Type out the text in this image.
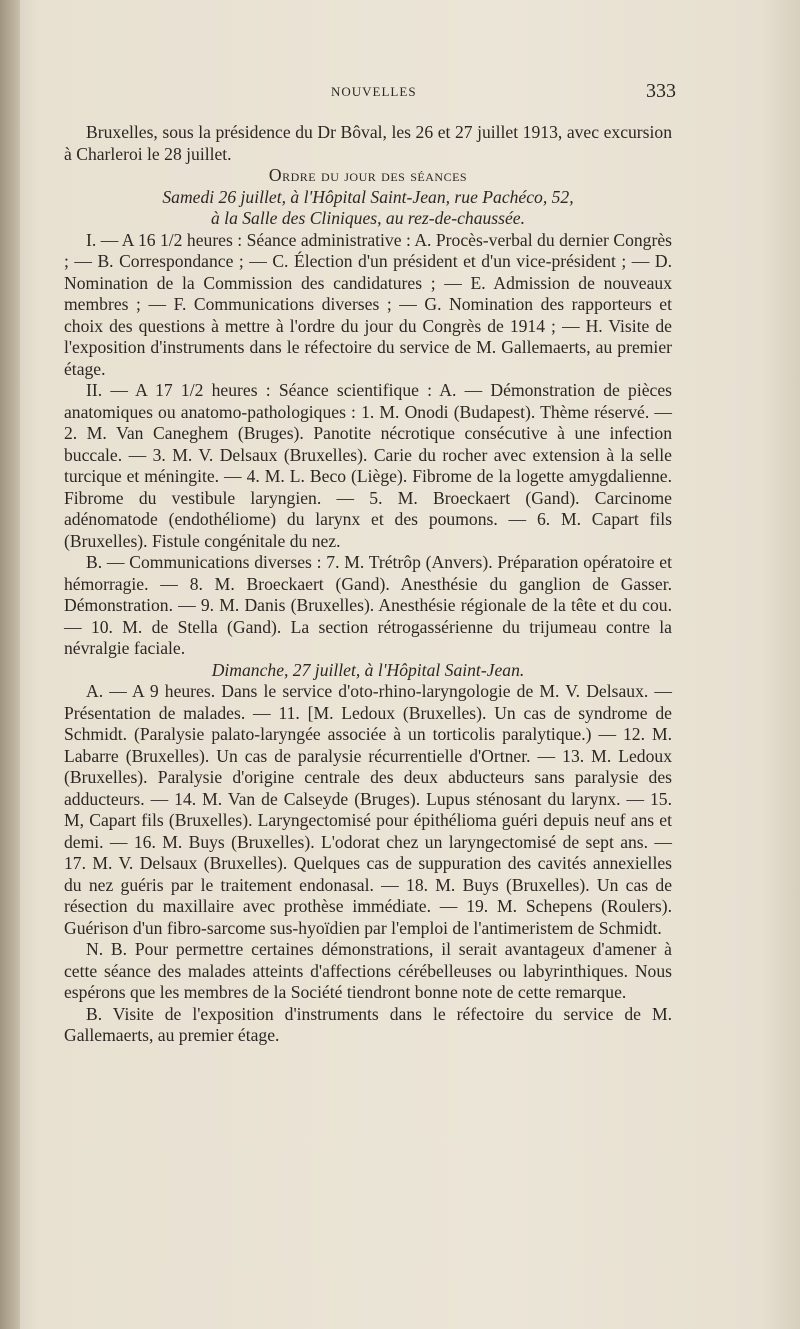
NOUVELLES	333

Bruxelles, sous la présidence du Dr Bôval, les 26 et 27 juillet 1913, avec excursion à Charleroi le 28 juillet.

Ordre du jour des séances

Samedi 26 juillet, à l'Hôpital Saint-Jean, rue Pachéco, 52,

à la Salle des Cliniques, au rez-de-chaussée.

I. — A 16 1/2 heures : Séance administrative : A. Procès-verbal du dernier Congrès ; — B. Correspondance ; — C. Élection d'un président et d'un vice-président ; — D. Nomination de la Commission des candidatures ; — E. Admission de nouveaux membres ; — F. Communications diverses ; — G. Nomination des rapporteurs et choix des questions à mettre à l'ordre du jour du Congrès de 1914 ; — H. Visite de l'exposition d'instruments dans le réfectoire du service de M. Gallemaerts, au premier étage.

II. — A 17 1/2 heures : Séance scientifique : A. — Démonstration de pièces anatomiques ou anatomo-pathologiques : 1. M. Onodi (Budapest). Thème réservé. — 2. M. Van Caneghem (Bruges). Panotite nécrotique consécutive à une infection buccale. — 3. M. V. Delsaux (Bruxelles). Carie du rocher avec extension à la selle turcique et méningite. — 4. M. L. Beco (Liège). Fibrome de la logette amygdalienne. Fibrome du vestibule laryngien. — 5. M. Broeckaert (Gand). Carcinome adénomatode (endothéliome) du larynx et des poumons. — 6. M. Capart fils (Bruxelles). Fistule congénitale du nez.

B. — Communications diverses : 7. M. Trétrôp (Anvers). Préparation opératoire et hémorragie. — 8. M. Broeckaert (Gand). Anesthésie du ganglion de Gasser. Démonstration. — 9. M. Danis (Bruxelles). Anesthésie régionale de la tête et du cou. — 10. M. de Stella (Gand). La section rétrogassérienne du trijumeau contre la névralgie faciale.

Dimanche, 27 juillet, à l'Hôpital Saint-Jean.

A. — A 9 heures. Dans le service d'oto-rhino-laryngologie de M. V. Delsaux. — Présentation de malades. — 11. [M. Ledoux (Bruxelles). Un cas de syndrome de Schmidt. (Paralysie palato-laryngée associée à un torticolis paralytique.) — 12. M. Labarre (Bruxelles). Un cas de paralysie récurrentielle d'Ortner. — 13. M. Ledoux (Bruxelles). Paralysie d'origine centrale des deux abducteurs sans paralysie des adducteurs. — 14. M. Van de Calseyde (Bruges). Lupus sténosant du larynx. — 15. M, Capart fils (Bruxelles). Laryngectomisé pour épithélioma guéri depuis neuf ans et demi. — 16. M. Buys (Bruxelles). L'odorat chez un laryngectomisé de sept ans. — 17. M. V. Delsaux (Bruxelles). Quelques cas de suppuration des cavités annexielles du nez guéris par le traitement endonasal. — 18. M. Buys (Bruxelles). Un cas de résection du maxillaire avec prothèse immédiate. — 19. M. Schepens (Roulers). Guérison d'un fibro-sarcome sus-hyoïdien par l'emploi de l'antimeristem de Schmidt.

N. B. Pour permettre certaines démonstrations, il serait avantageux d'amener à cette séance des malades atteints d'affections cérébelleuses ou labyrinthiques. Nous espérons que les membres de la Société tiendront bonne note de cette remarque.

B. Visite de l'exposition d'instruments dans le réfectoire du service de M. Gallemaerts, au premier étage.
